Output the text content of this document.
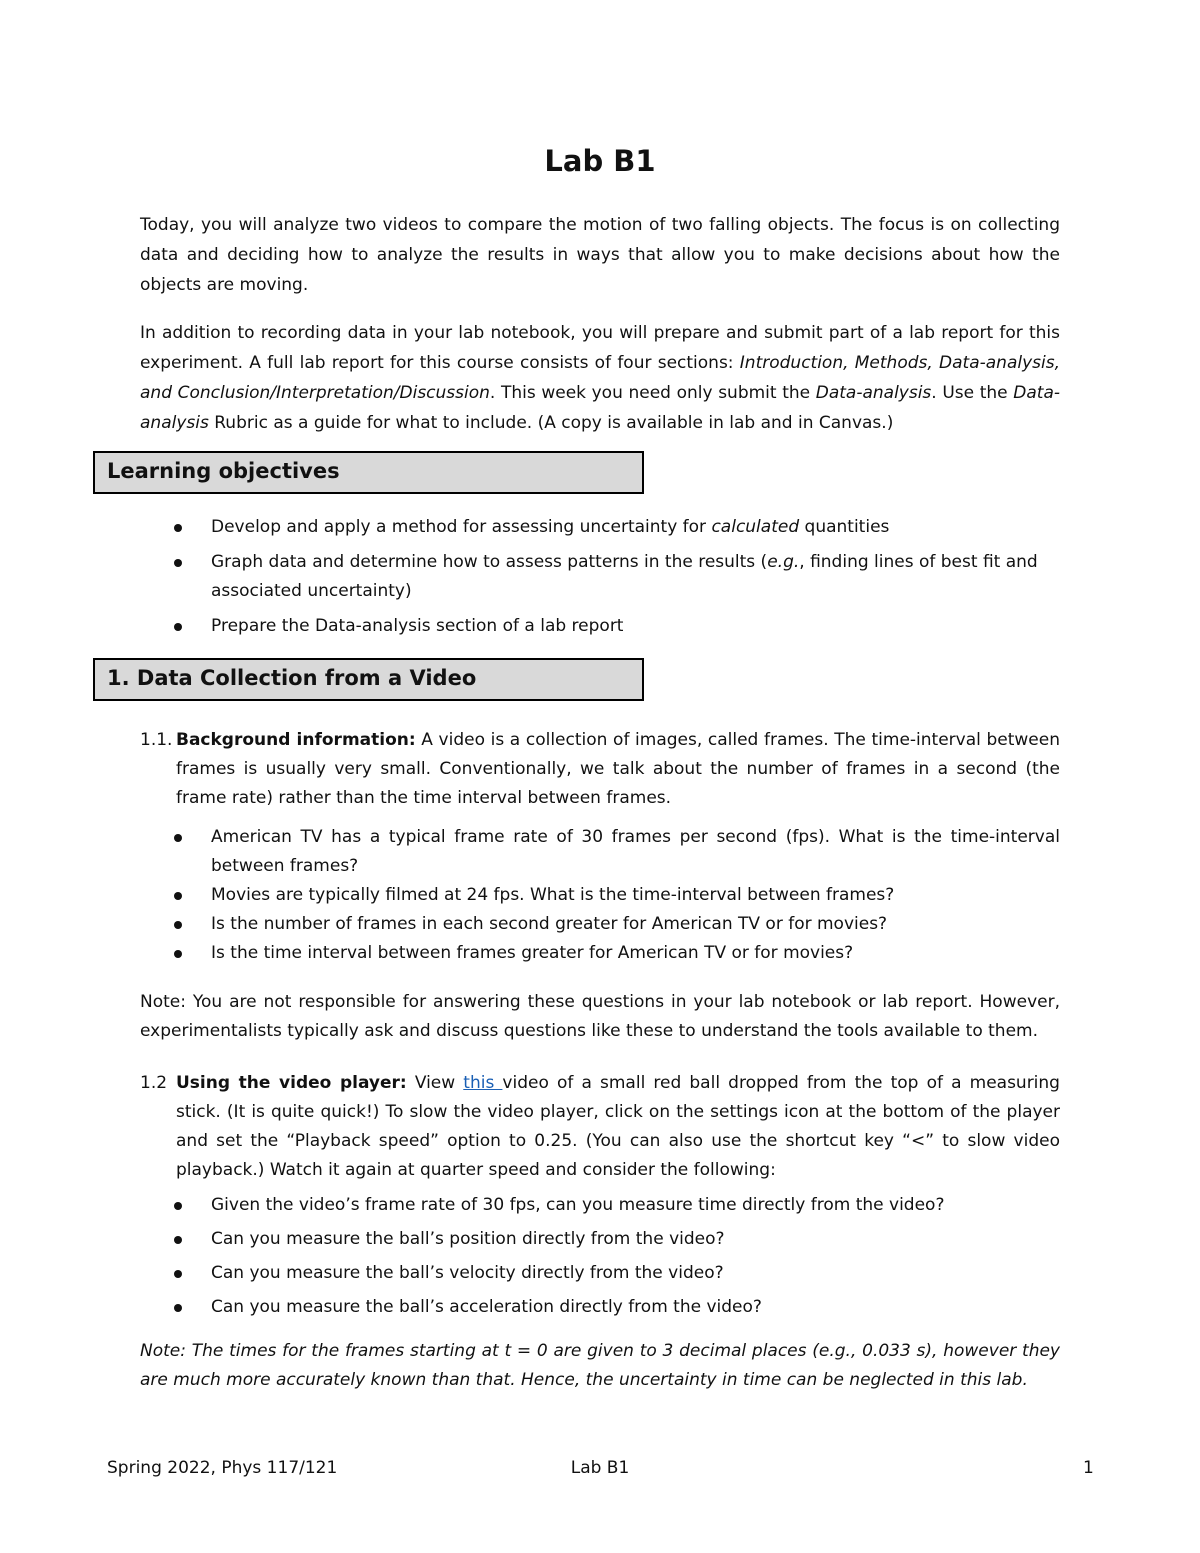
Lab B1

Today, you will analyze two videos to compare the motion of two falling objects. The focus is on collecting data and deciding how to analyze the results in ways that allow you to make decisions about how the objects are moving.

In addition to recording data in your lab notebook, you will prepare and submit part of a lab report for this experiment. A full lab report for this course consists of four sections: Introduction, Methods, Data-analysis, and Conclusion/Interpretation/Discussion. This week you need only submit the Data-analysis. Use the Data-analysis Rubric as a guide for what to include. (A copy is available in lab and in Canvas.)

Learning objectives
Develop and apply a method for assessing uncertainty for calculated quantities
Graph data and determine how to assess patterns in the results (e.g., finding lines of best fit and associated uncertainty)
Prepare the Data-analysis section of a lab report
1. Data Collection from a Video
1.1. Background information: A video is a collection of images, called frames. The time-interval between frames is usually very small. Conventionally, we talk about the number of frames in a second (the frame rate) rather than the time interval between frames.
American TV has a typical frame rate of 30 frames per second (fps). What is the time-interval between frames?
Movies are typically filmed at 24 fps. What is the time-interval between frames?
Is the number of frames in each second greater for American TV or for movies?
Is the time interval between frames greater for American TV or for movies?

Note: You are not responsible for answering these questions in your lab notebook or lab report. However, experimentalists typically ask and discuss questions like these to understand the tools available to them.

1.2 Using the video player: View this video of a small red ball dropped from the top of a measuring stick. (It is quite quick!) To slow the video player, click on the settings icon at the bottom of the player and set the “Playback speed” option to 0.25. (You can also use the shortcut key “<” to slow video playback.) Watch it again at quarter speed and consider the following:
Given the video’s frame rate of 30 fps, can you measure time directly from the video?
Can you measure the ball’s position directly from the video?
Can you measure the ball’s velocity directly from the video?
Can you measure the ball’s acceleration directly from the video?

Note: The times for the frames starting at t = 0 are given to 3 decimal places (e.g., 0.033 s), however they are much more accurately known than that. Hence, the uncertainty in time can be neglected in this lab.

Spring 2022, Phys 117/121	Lab B1	1
